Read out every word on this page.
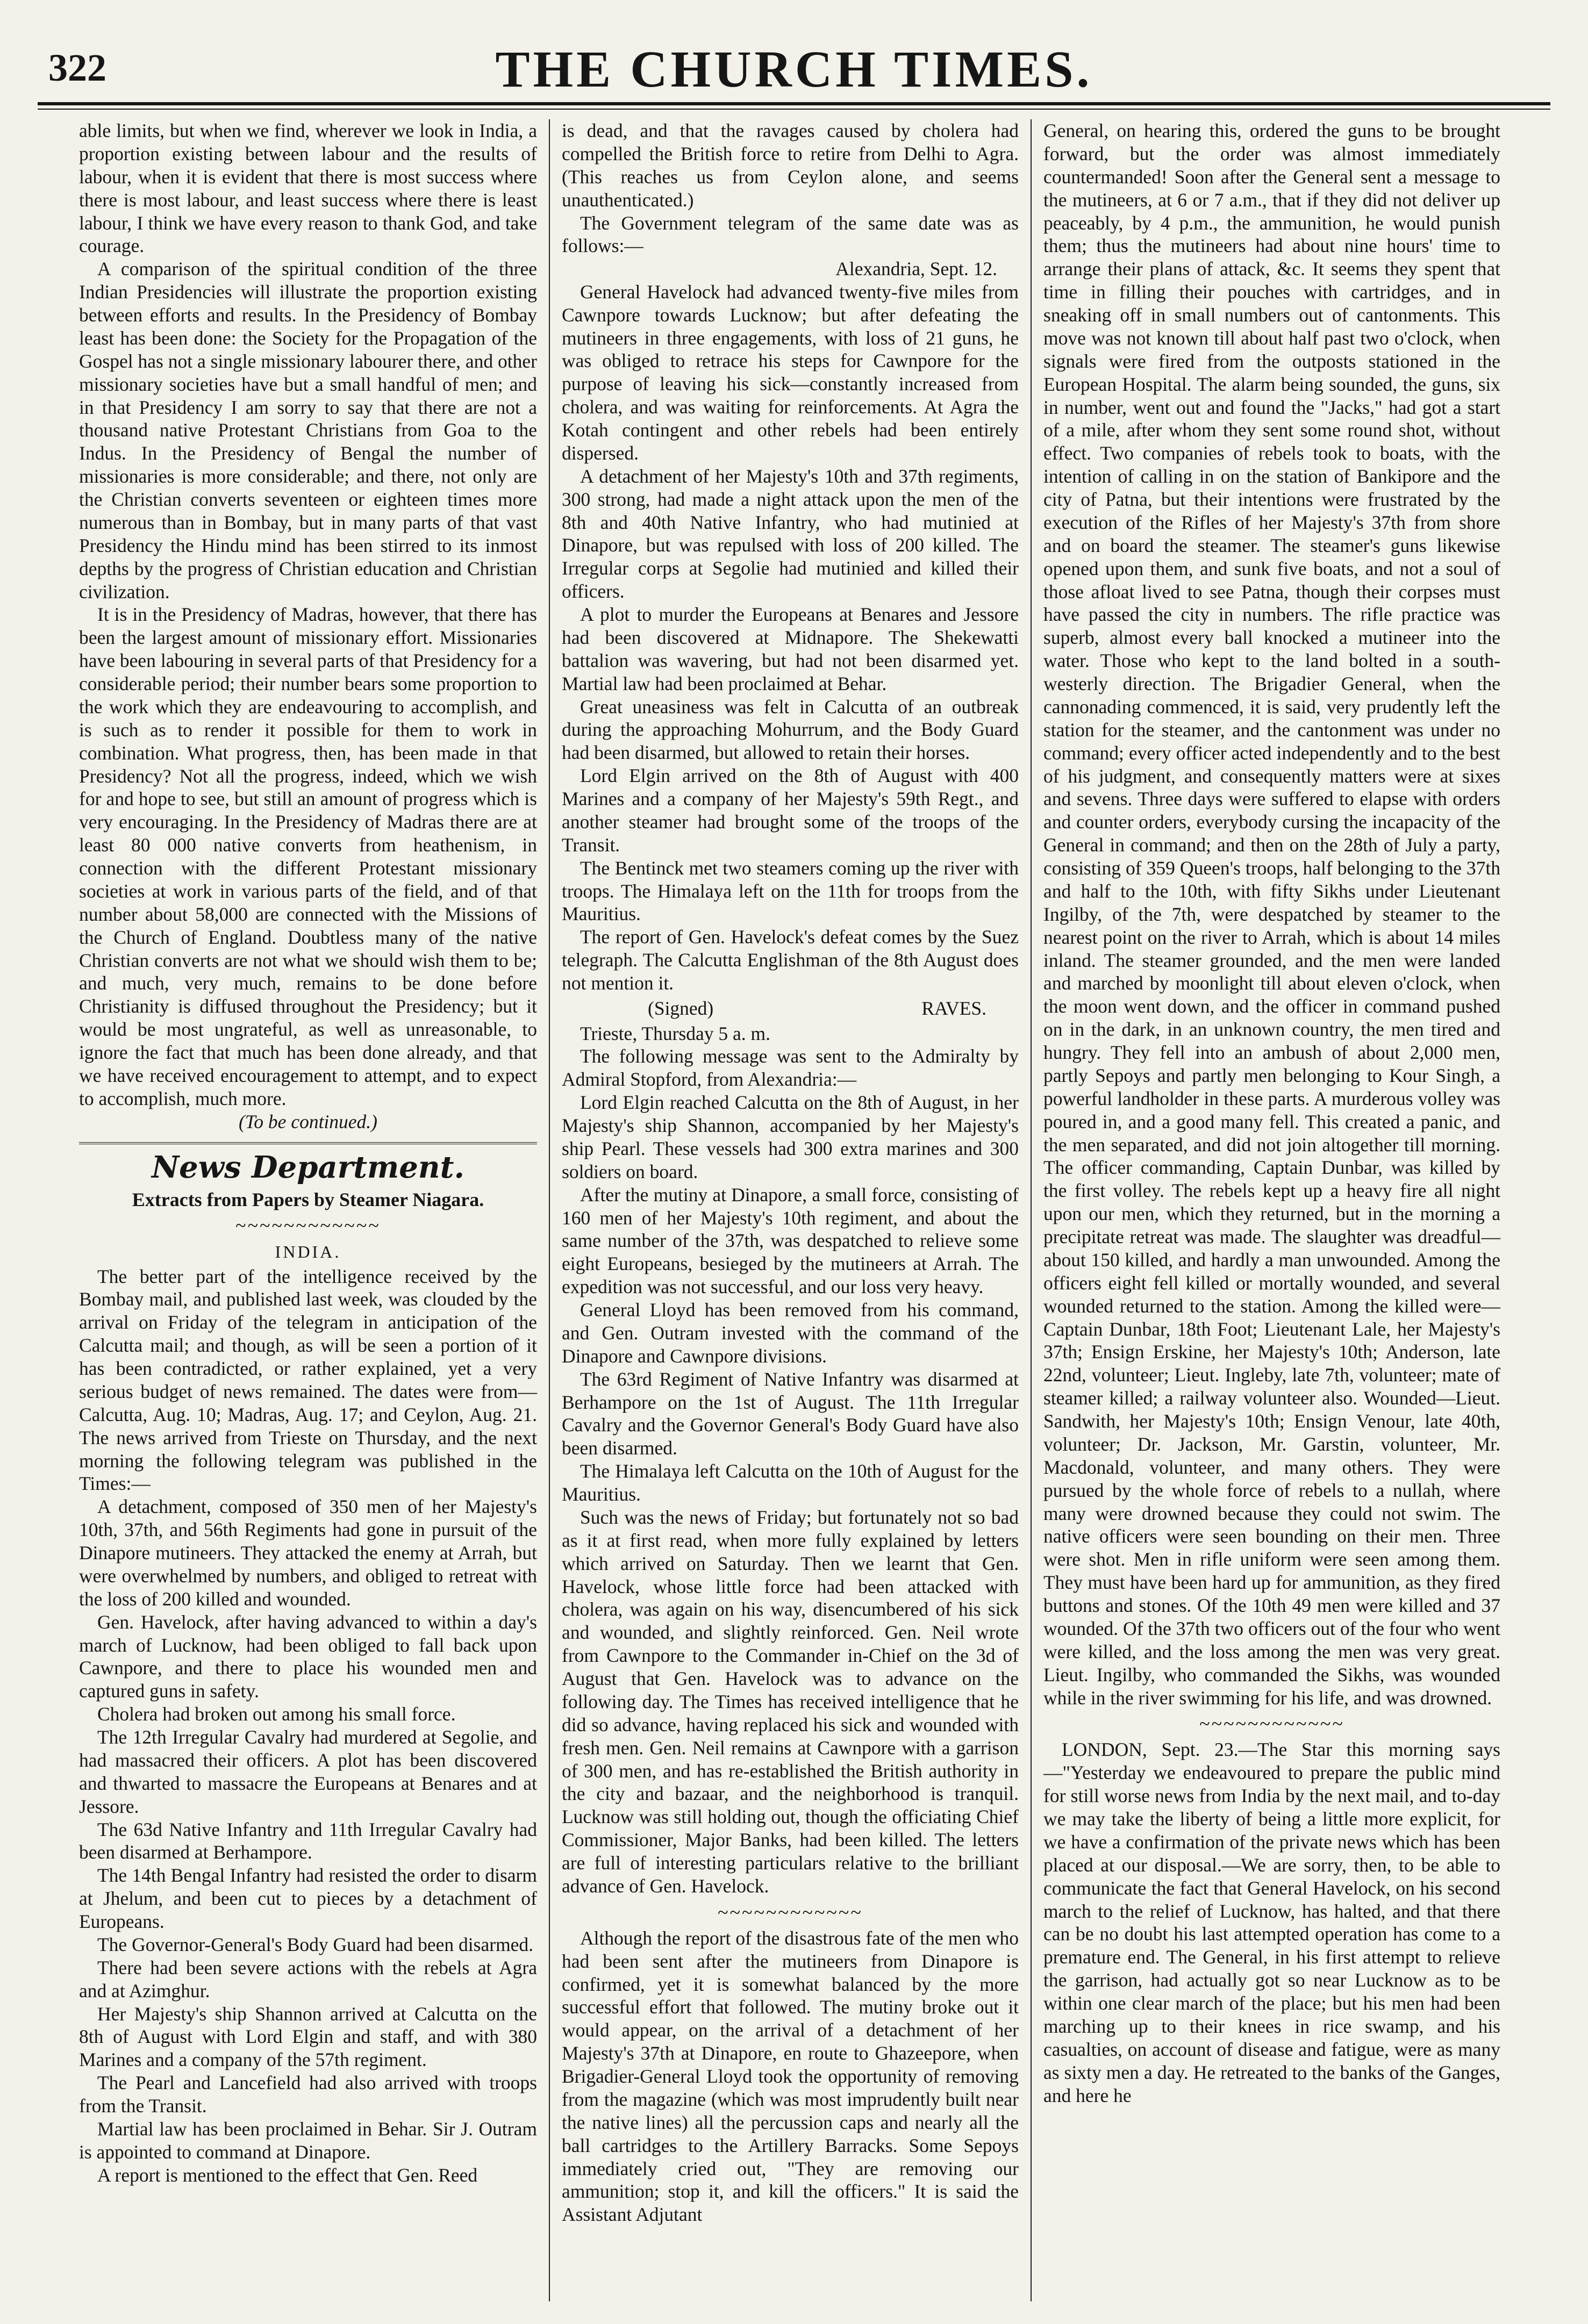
322	THE CHURCH TIMES.

able limits, but when we find, wherever we look in India, a proportion existing between labour and the results of labour, when it is evident that there is most success where there is most labour, and least success where there is least labour, I think we have every reason to thank God, and take courage.

A comparison of the spiritual condition of the three Indian Presidencies will illustrate the proportion existing between efforts and results. In the Presidency of Bombay least has been done: the Society for the Propagation of the Gospel has not a single missionary labourer there, and other missionary societies have but a small handful of men; and in that Presidency I am sorry to say that there are not a thousand native Protestant Christians from Goa to the Indus. In the Presidency of Bengal the number of missionaries is more considerable; and there, not only are the Christian converts seventeen or eighteen times more numerous than in Bombay, but in many parts of that vast Presidency the Hindu mind has been stirred to its inmost depths by the progress of Christian education and Christian civilization.

It is in the Presidency of Madras, however, that there has been the largest amount of missionary effort. Missionaries have been labouring in several parts of that Presidency for a considerable period; their number bears some proportion to the work which they are endeavouring to accomplish, and is such as to render it possible for them to work in combination. What progress, then, has been made in that Presidency? Not all the progress, indeed, which we wish for and hope to see, but still an amount of progress which is very encouraging. In the Presidency of Madras there are at least 80 000 native converts from heathenism, in connection with the different Protestant missionary societies at work in various parts of the field, and of that number about 58,000 are connected with the Missions of the Church of England. Doubtless many of the native Christian converts are not what we should wish them to be; and much, very much, remains to be done before Christianity is diffused throughout the Presidency; but it would be most ungrateful, as well as unreasonable, to ignore the fact that much has been done already, and that we have received encouragement to attempt, and to expect to accomplish, much more.

(To be continued.)

News Department.
Extracts from Papers by Steamer Niagara.
~~~~~~~~~~~~
INDIA.

The better part of the intelligence received by the Bombay mail, and published last week, was clouded by the arrival on Friday of the telegram in anticipation of the Calcutta mail; and though, as will be seen a portion of it has been contradicted, or rather explained, yet a very serious budget of news remained. The dates were from—Calcutta, Aug. 10; Madras, Aug. 17; and Ceylon, Aug. 21. The news arrived from Trieste on Thursday, and the next morning the following telegram was published in the Times:—

A detachment, composed of 350 men of her Majesty's 10th, 37th, and 56th Regiments had gone in pursuit of the Dinapore mutineers. They attacked the enemy at Arrah, but were overwhelmed by numbers, and obliged to retreat with the loss of 200 killed and wounded.

Gen. Havelock, after having advanced to within a day's march of Lucknow, had been obliged to fall back upon Cawnpore, and there to place his wounded men and captured guns in safety.

Cholera had broken out among his small force.

The 12th Irregular Cavalry had murdered at Segolie, and had massacred their officers. A plot has been discovered and thwarted to massacre the Europeans at Benares and at Jessore.

The 63d Native Infantry and 11th Irregular Cavalry had been disarmed at Berhampore.

The 14th Bengal Infantry had resisted the order to disarm at Jhelum, and been cut to pieces by a detachment of Europeans.

The Governor-General's Body Guard had been disarmed.

There had been severe actions with the rebels at Agra and at Azimghur.

Her Majesty's ship Shannon arrived at Calcutta on the 8th of August with Lord Elgin and staff, and with 380 Marines and a company of the 57th regiment.

The Pearl and Lancefield had also arrived with troops from the Transit.

Martial law has been proclaimed in Behar. Sir J. Outram is appointed to command at Dinapore.

A report is mentioned to the effect that Gen. Reed

is dead, and that the ravages caused by cholera had compelled the British force to retire from Delhi to Agra. (This reaches us from Ceylon alone, and seems unauthenticated.)

The Government telegram of the same date was as follows:—

Alexandria, Sept. 12.

General Havelock had advanced twenty-five miles from Cawnpore towards Lucknow; but after defeating the mutineers in three engagements, with loss of 21 guns, he was obliged to retrace his steps for Cawnpore for the purpose of leaving his sick—constantly increased from cholera, and was waiting for reinforcements. At Agra the Kotah contingent and other rebels had been entirely dispersed.

A detachment of her Majesty's 10th and 37th regiments, 300 strong, had made a night attack upon the men of the 8th and 40th Native Infantry, who had mutinied at Dinapore, but was repulsed with loss of 200 killed. The Irregular corps at Segolie had mutinied and killed their officers.

A plot to murder the Europeans at Benares and Jessore had been discovered at Midnapore. The Shekewatti battalion was wavering, but had not been disarmed yet. Martial law had been proclaimed at Behar.

Great uneasiness was felt in Calcutta of an outbreak during the approaching Mohurrum, and the Body Guard had been disarmed, but allowed to retain their horses.

Lord Elgin arrived on the 8th of August with 400 Marines and a company of her Majesty's 59th Regt., and another steamer had brought some of the troops of the Transit.

The Bentinck met two steamers coming up the river with troops. The Himalaya left on the 11th for troops from the Mauritius.

The report of Gen. Havelock's defeat comes by the Suez telegraph. The Calcutta Englishman of the 8th August does not mention it.

(Signed)	RAVES.

Trieste, Thursday 5 a. m.

The following message was sent to the Admiralty by Admiral Stopford, from Alexandria:—

Lord Elgin reached Calcutta on the 8th of August, in her Majesty's ship Shannon, accompanied by her Majesty's ship Pearl. These vessels had 300 extra marines and 300 soldiers on board.

After the mutiny at Dinapore, a small force, consisting of 160 men of her Majesty's 10th regiment, and about the same number of the 37th, was despatched to relieve some eight Europeans, besieged by the mutineers at Arrah. The expedition was not successful, and our loss very heavy.

General Lloyd has been removed from his command, and Gen. Outram invested with the command of the Dinapore and Cawnpore divisions.

The 63rd Regiment of Native Infantry was disarmed at Berhampore on the 1st of August. The 11th Irregular Cavalry and the Governor General's Body Guard have also been disarmed.

The Himalaya left Calcutta on the 10th of August for the Mauritius.

Such was the news of Friday; but fortunately not so bad as it at first read, when more fully explained by letters which arrived on Saturday. Then we learnt that Gen. Havelock, whose little force had been attacked with cholera, was again on his way, disencumbered of his sick and wounded, and slightly reinforced. Gen. Neil wrote from Cawnpore to the Commander in-Chief on the 3d of August that Gen. Havelock was to advance on the following day. The Times has received intelligence that he did so advance, having replaced his sick and wounded with fresh men. Gen. Neil remains at Cawnpore with a garrison of 300 men, and has re-established the British authority in the city and bazaar, and the neighborhood is tranquil. Lucknow was still holding out, though the officiating Chief Commissioner, Major Banks, had been killed. The letters are full of interesting particulars relative to the brilliant advance of Gen. Havelock.

~~~~~~~~~~~~

Although the report of the disastrous fate of the men who had been sent after the mutineers from Dinapore is confirmed, yet it is somewhat balanced by the more successful effort that followed. The mutiny broke out it would appear, on the arrival of a detachment of her Majesty's 37th at Dinapore, en route to Ghazeepore, when Brigadier-General Lloyd took the opportunity of removing from the magazine (which was most imprudently built near the native lines) all the percussion caps and nearly all the ball cartridges to the Artillery Barracks. Some Sepoys immediately cried out, "They are removing our ammunition; stop it, and kill the officers." It is said the Assistant Adjutant

General, on hearing this, ordered the guns to be brought forward, but the order was almost immediately countermanded! Soon after the General sent a message to the mutineers, at 6 or 7 a.m., that if they did not deliver up peaceably, by 4 p.m., the ammunition, he would punish them; thus the mutineers had about nine hours' time to arrange their plans of attack, &c. It seems they spent that time in filling their pouches with cartridges, and in sneaking off in small numbers out of cantonments. This move was not known till about half past two o'clock, when signals were fired from the outposts stationed in the European Hospital. The alarm being sounded, the guns, six in number, went out and found the "Jacks," had got a start of a mile, after whom they sent some round shot, without effect. Two companies of rebels took to boats, with the intention of calling in on the station of Bankipore and the city of Patna, but their intentions were frustrated by the execution of the Rifles of her Majesty's 37th from shore and on board the steamer. The steamer's guns likewise opened upon them, and sunk five boats, and not a soul of those afloat lived to see Patna, though their corpses must have passed the city in numbers. The rifle practice was superb, almost every ball knocked a mutineer into the water. Those who kept to the land bolted in a south-westerly direction. The Brigadier General, when the cannonading commenced, it is said, very prudently left the station for the steamer, and the cantonment was under no command; every officer acted independently and to the best of his judgment, and consequently matters were at sixes and sevens. Three days were suffered to elapse with orders and counter orders, everybody cursing the incapacity of the General in command; and then on the 28th of July a party, consisting of 359 Queen's troops, half belonging to the 37th and half to the 10th, with fifty Sikhs under Lieutenant Ingilby, of the 7th, were despatched by steamer to the nearest point on the river to Arrah, which is about 14 miles inland. The steamer grounded, and the men were landed and marched by moonlight till about eleven o'clock, when the moon went down, and the officer in command pushed on in the dark, in an unknown country, the men tired and hungry. They fell into an ambush of about 2,000 men, partly Sepoys and partly men belonging to Kour Singh, a powerful landholder in these parts. A murderous volley was poured in, and a good many fell. This created a panic, and the men separated, and did not join altogether till morning. The officer commanding, Captain Dunbar, was killed by the first volley. The rebels kept up a heavy fire all night upon our men, which they returned, but in the morning a precipitate retreat was made. The slaughter was dreadful—about 150 killed, and hardly a man unwounded. Among the officers eight fell killed or mortally wounded, and several wounded returned to the station. Among the killed were—Captain Dunbar, 18th Foot; Lieutenant Lale, her Majesty's 37th; Ensign Erskine, her Majesty's 10th; Anderson, late 22nd, volunteer; Lieut. Ingleby, late 7th, volunteer; mate of steamer killed; a railway volunteer also. Wounded—Lieut. Sandwith, her Majesty's 10th; Ensign Venour, late 40th, volunteer; Dr. Jackson, Mr. Garstin, volunteer, Mr. Macdonald, volunteer, and many others. They were pursued by the whole force of rebels to a nullah, where many were drowned because they could not swim. The native officers were seen bounding on their men. Three were shot. Men in rifle uniform were seen among them. They must have been hard up for ammunition, as they fired buttons and stones. Of the 10th 49 men were killed and 37 wounded. Of the 37th two officers out of the four who went were killed, and the loss among the men was very great. Lieut. Ingilby, who commanded the Sikhs, was wounded while in the river swimming for his life, and was drowned.

~~~~~~~~~~~~

LONDON, Sept. 23.—The Star this morning says—"Yesterday we endeavoured to prepare the public mind for still worse news from India by the next mail, and to-day we may take the liberty of being a little more explicit, for we have a confirmation of the private news which has been placed at our disposal.—We are sorry, then, to be able to communicate the fact that General Havelock, on his second march to the relief of Lucknow, has halted, and that there can be no doubt his last attempted operation has come to a premature end. The General, in his first attempt to relieve the garrison, had actually got so near Lucknow as to be within one clear march of the place; but his men had been marching up to their knees in rice swamp, and his casualties, on account of disease and fatigue, were as many as sixty men a day. He retreated to the banks of the Ganges, and here he
